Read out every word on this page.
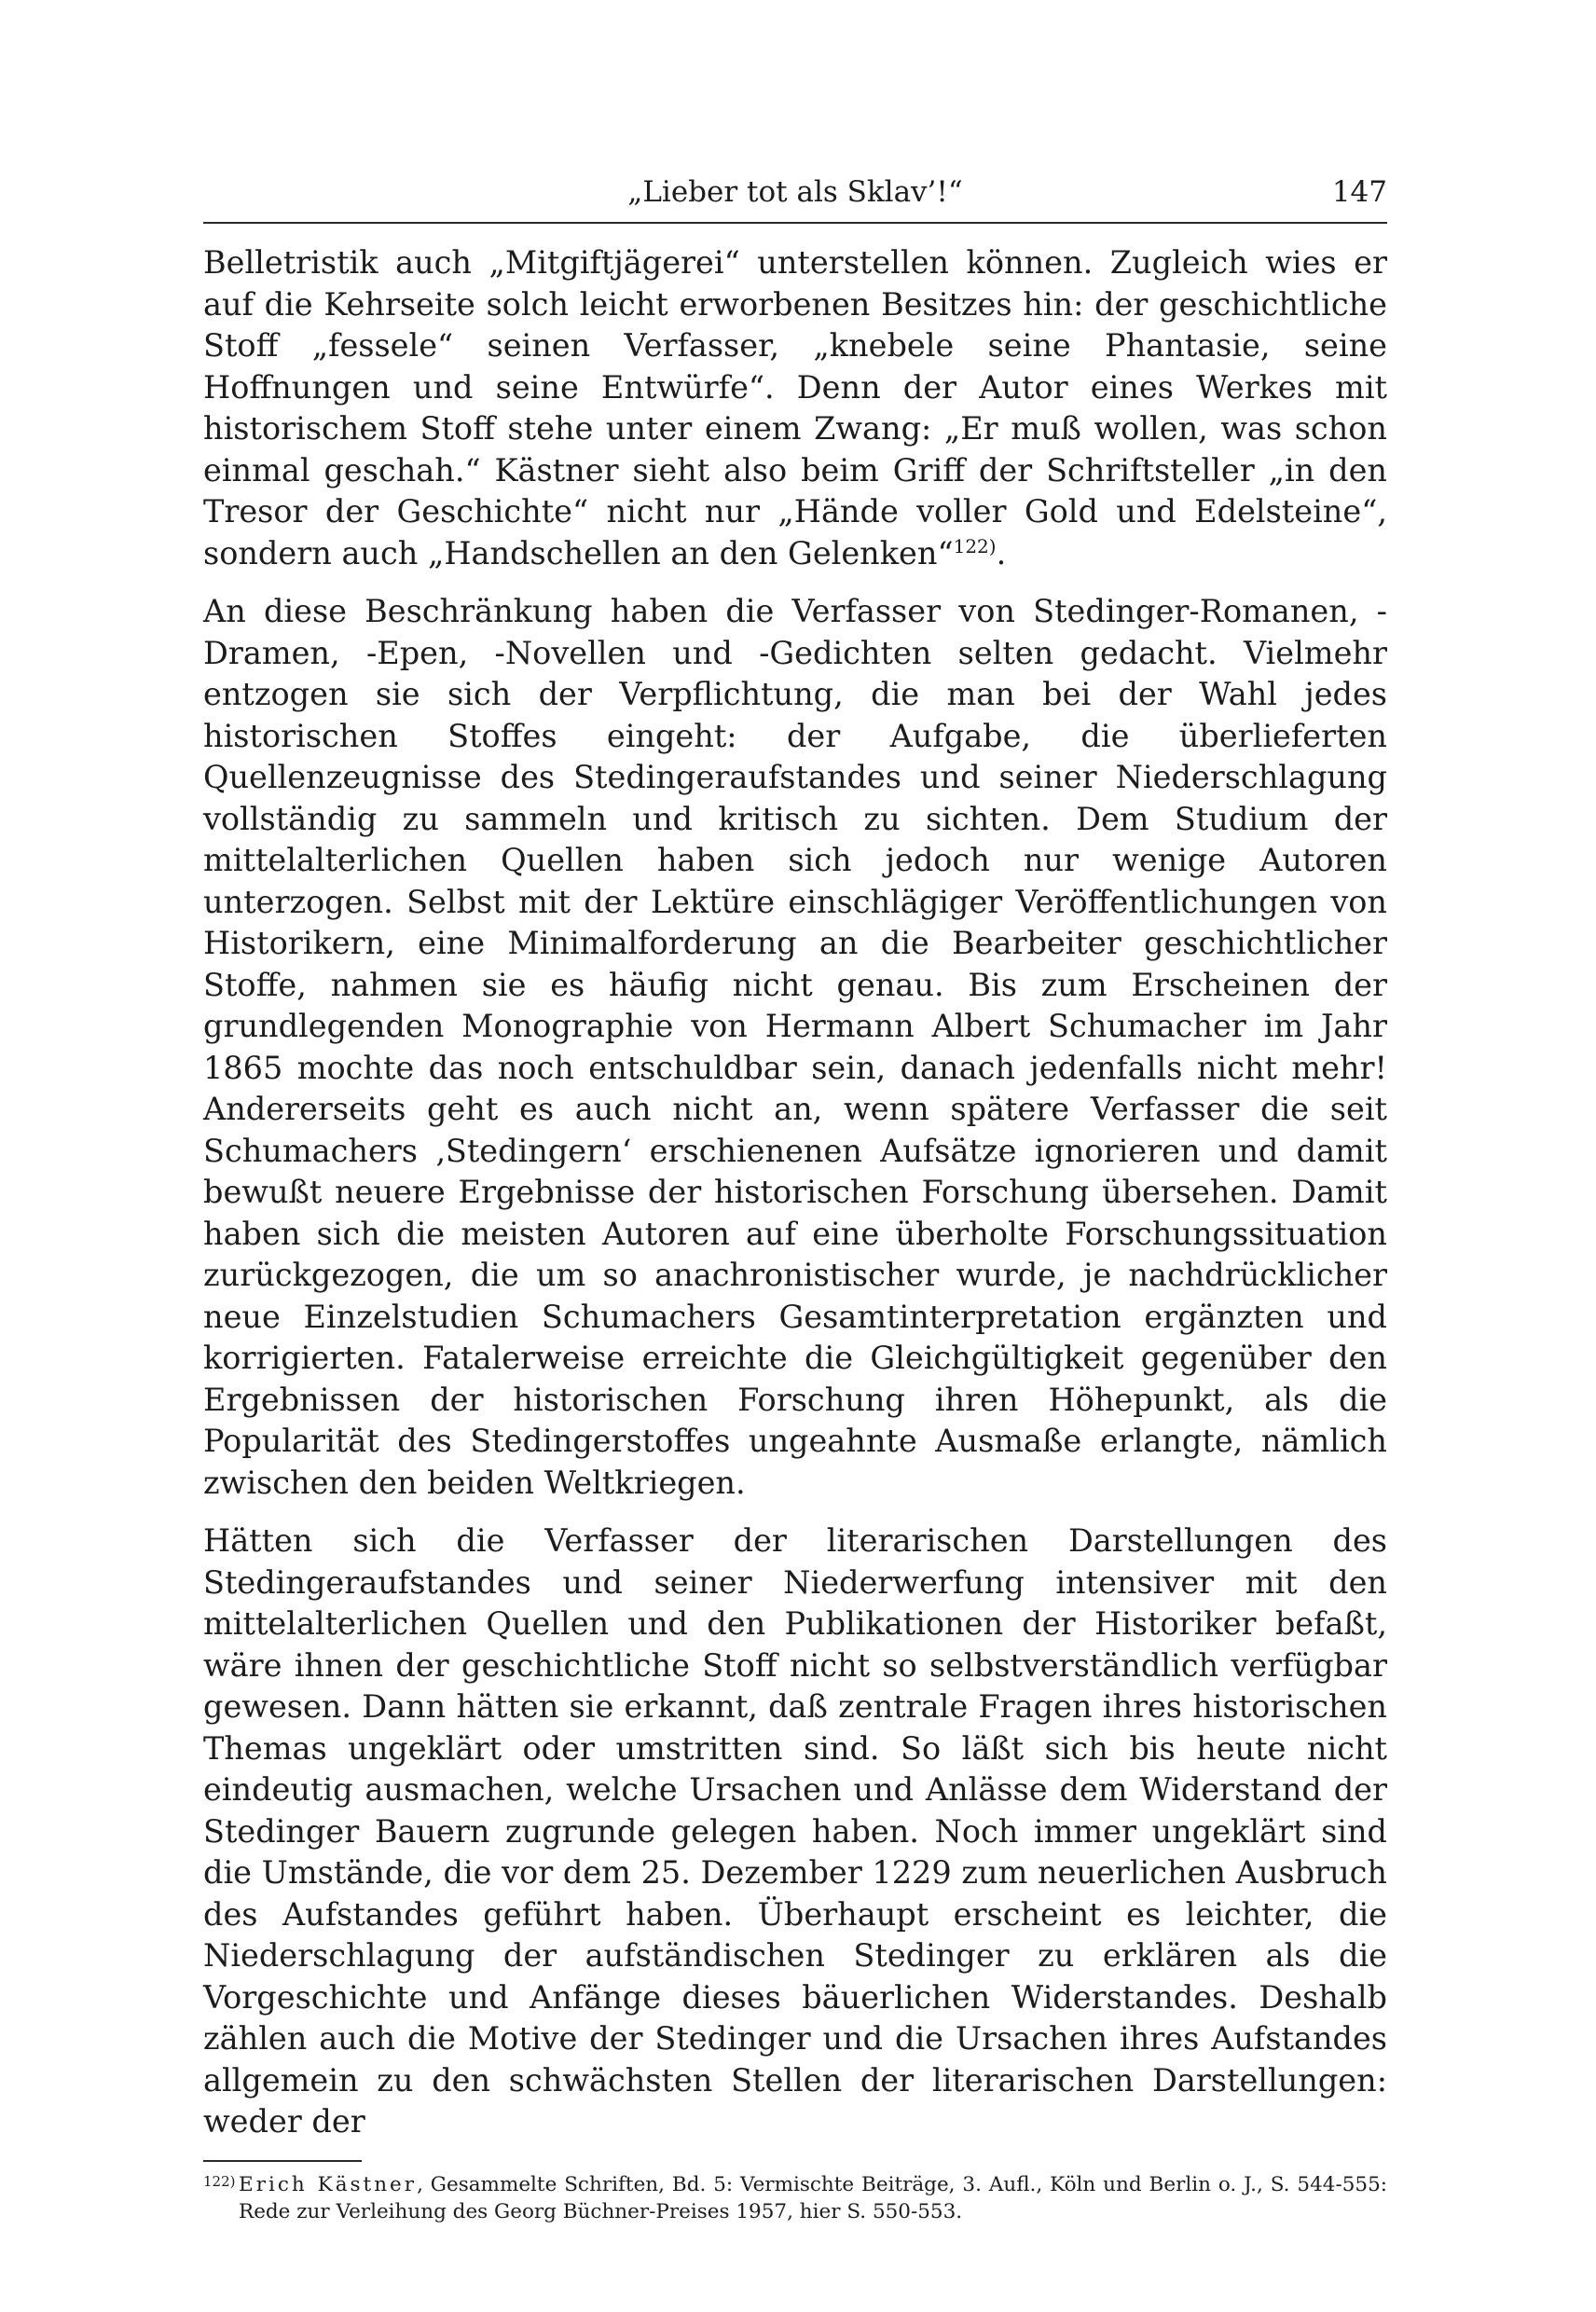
„Lieber tot als Sklav’!“	147

Belletristik auch „Mitgiftjägerei“ unterstellen können. Zugleich wies er auf die Kehrseite solch leicht erworbenen Besitzes hin: der geschichtliche Stoff „fessele“ seinen Verfasser, „knebele seine Phantasie, seine Hoffnungen und seine Entwürfe“. Denn der Autor eines Werkes mit historischem Stoff stehe unter einem Zwang: „Er muß wollen, was schon einmal geschah.“ Kästner sieht also beim Griff der Schriftsteller „in den Tresor der Geschichte“ nicht nur „Hände voller Gold und Edelsteine“, sondern auch „Handschellen an den Gelenken“$^{122)}$.

An diese Beschränkung haben die Verfasser von Stedinger-Romanen, -Dramen, -Epen, -Novellen und -Gedichten selten gedacht. Vielmehr entzogen sie sich der Verpflichtung, die man bei der Wahl jedes historischen Stoffes eingeht: der Aufgabe, die überlieferten Quellenzeugnisse des Stedingeraufstandes und seiner Niederschlagung vollständig zu sammeln und kritisch zu sichten. Dem Studium der mittelalterlichen Quellen haben sich jedoch nur wenige Autoren unterzogen. Selbst mit der Lektüre einschlägiger Veröffentlichungen von Historikern, eine Minimalforderung an die Bearbeiter geschichtlicher Stoffe, nahmen sie es häufig nicht genau. Bis zum Erscheinen der grundlegenden Monographie von Hermann Albert Schumacher im Jahr 1865 mochte das noch entschuldbar sein, danach jedenfalls nicht mehr! Andererseits geht es auch nicht an, wenn spätere Verfasser die seit Schumachers ‚Stedingern‘ erschienenen Aufsätze ignorieren und damit bewußt neuere Ergebnisse der historischen Forschung übersehen. Damit haben sich die meisten Autoren auf eine überholte Forschungssituation zurückgezogen, die um so anachronistischer wurde, je nachdrücklicher neue Einzelstudien Schumachers Gesamtinterpretation ergänzten und korrigierten. Fatalerweise erreichte die Gleichgültigkeit gegenüber den Ergebnissen der historischen Forschung ihren Höhepunkt, als die Popularität des Stedingerstoffes ungeahnte Ausmaße erlangte, nämlich zwischen den beiden Weltkriegen.

Hätten sich die Verfasser der literarischen Darstellungen des Stedingeraufstandes und seiner Niederwerfung intensiver mit den mittelalterlichen Quellen und den Publikationen der Historiker befaßt, wäre ihnen der geschichtliche Stoff nicht so selbstverständlich verfügbar gewesen. Dann hätten sie erkannt, daß zentrale Fragen ihres historischen Themas ungeklärt oder umstritten sind. So läßt sich bis heute nicht eindeutig ausmachen, welche Ursachen und Anlässe dem Widerstand der Stedinger Bauern zugrunde gelegen haben. Noch immer ungeklärt sind die Umstände, die vor dem 25. Dezember 1229 zum neuerlichen Ausbruch des Aufstandes geführt haben. Überhaupt erscheint es leichter, die Niederschlagung der aufständischen Stedinger zu erklären als die Vorgeschichte und Anfänge dieses bäuerlichen Widerstandes. Deshalb zählen auch die Motive der Stedinger und die Ursachen ihres Aufstandes allgemein zu den schwächsten Stellen der literarischen Darstellungen: weder der

122) Erich Kästner, Gesammelte Schriften, Bd. 5: Vermischte Beiträge, 3. Aufl., Köln und Berlin o. J., S. 544-555: Rede zur Verleihung des Georg Büchner-Preises 1957, hier S. 550-553.
